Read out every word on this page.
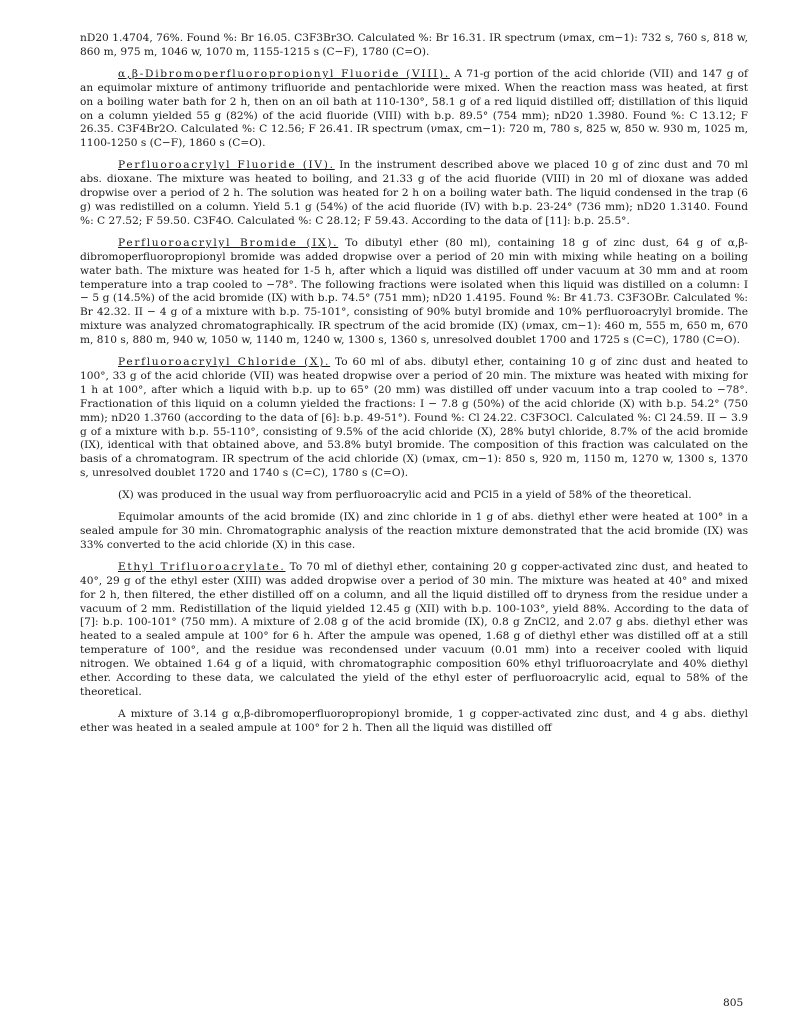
nD20 1.4704, 76%. Found %: Br 16.05. C3F3Br3O. Calculated %: Br 16.31. IR spectrum (νmax, cm−1): 732 s, 760 s, 818 w, 860 m, 975 m, 1046 w, 1070 m, 1155-1215 s (C−F), 1780 (C=O).

α,β-Dibromoperfluoropropionyl Fluoride (VIII). A 71-g portion of the acid chloride (VII) and 147 g of an equimolar mixture of antimony trifluoride and pentachloride were mixed. When the reaction mass was heated, at first on a boiling water bath for 2 h, then on an oil bath at 110-130°, 58.1 g of a red liquid distilled off; distillation of this liquid on a column yielded 55 g (82%) of the acid fluoride (VIII) with b.p. 89.5° (754 mm); nD20 1.3980. Found %: C 13.12; F 26.35. C3F4Br2O. Calculated %: C 12.56; F 26.41. IR spectrum (νmax, cm−1): 720 m, 780 s, 825 w, 850 w. 930 m, 1025 m, 1100-1250 s (C−F), 1860 s (C=O).

Perfluoroacrylyl Fluoride (IV). In the instrument described above we placed 10 g of zinc dust and 70 ml abs. dioxane. The mixture was heated to boiling, and 21.33 g of the acid fluoride (VIII) in 20 ml of dioxane was added dropwise over a period of 2 h. The solution was heated for 2 h on a boiling water bath. The liquid condensed in the trap (6 g) was redistilled on a column. Yield 5.1 g (54%) of the acid fluoride (IV) with b.p. 23-24° (736 mm); nD20 1.3140. Found %: C 27.52; F 59.50. C3F4O. Calculated %: C 28.12; F 59.43. According to the data of [11]: b.p. 25.5°.

Perfluoroacrylyl Bromide (IX). To dibutyl ether (80 ml), containing 18 g of zinc dust, 64 g of α,β-dibromoperfluoropropionyl bromide was added dropwise over a period of 20 min with mixing while heating on a boiling water bath. The mixture was heated for 1-5 h, after which a liquid was distilled off under vacuum at 30 mm and at room temperature into a trap cooled to −78°. The following fractions were isolated when this liquid was distilled on a column: I − 5 g (14.5%) of the acid bromide (IX) with b.p. 74.5° (751 mm); nD20 1.4195. Found %: Br 41.73. C3F3OBr. Calculated %: Br 42.32. II − 4 g of a mixture with b.p. 75-101°, consisting of 90% butyl bromide and 10% perfluoroacrylyl bromide. The mixture was analyzed chromatographically. IR spectrum of the acid bromide (IX) (νmax, cm−1): 460 m, 555 m, 650 m, 670 m, 810 s, 880 m, 940 w, 1050 w, 1140 m, 1240 w, 1300 s, 1360 s, unresolved doublet 1700 and 1725 s (C=C), 1780 (C=O).

Perfluoroacrylyl Chloride (X). To 60 ml of abs. dibutyl ether, containing 10 g of zinc dust and heated to 100°, 33 g of the acid chloride (VII) was heated dropwise over a period of 20 min. The mixture was heated with mixing for 1 h at 100°, after which a liquid with b.p. up to 65° (20 mm) was distilled off under vacuum into a trap cooled to −78°. Fractionation of this liquid on a column yielded the fractions: I − 7.8 g (50%) of the acid chloride (X) with b.p. 54.2° (750 mm); nD20 1.3760 (according to the data of [6]: b.p. 49-51°). Found %: Cl 24.22. C3F3OCl. Calculated %: Cl 24.59. II − 3.9 g of a mixture with b.p. 55-110°, consisting of 9.5% of the acid chloride (X), 28% butyl chloride, 8.7% of the acid bromide (IX), identical with that obtained above, and 53.8% butyl bromide. The composition of this fraction was calculated on the basis of a chromatogram. IR spectrum of the acid chloride (X) (νmax, cm−1): 850 s, 920 m, 1150 m, 1270 w, 1300 s, 1370 s, unresolved doublet 1720 and 1740 s (C=C), 1780 s (C=O).

(X) was produced in the usual way from perfluoroacrylic acid and PCl5 in a yield of 58% of the theoretical.

Equimolar amounts of the acid bromide (IX) and zinc chloride in 1 g of abs. diethyl ether were heated at 100° in a sealed ampule for 30 min. Chromatographic analysis of the reaction mixture demonstrated that the acid bromide (IX) was 33% converted to the acid chloride (X) in this case.

Ethyl Trifluoroacrylate. To 70 ml of diethyl ether, containing 20 g copper-activated zinc dust, and heated to 40°, 29 g of the ethyl ester (XIII) was added dropwise over a period of 30 min. The mixture was heated at 40° and mixed for 2 h, then filtered, the ether distilled off on a column, and all the liquid distilled off to dryness from the residue under a vacuum of 2 mm. Redistillation of the liquid yielded 12.45 g (XII) with b.p. 100-103°, yield 88%. According to the data of [7]: b.p. 100-101° (750 mm). A mixture of 2.08 g of the acid bromide (IX), 0.8 g ZnCl2, and 2.07 g abs. diethyl ether was heated to a sealed ampule at 100° for 6 h. After the ampule was opened, 1.68 g of diethyl ether was distilled off at a still temperature of 100°, and the residue was recondensed under vacuum (0.01 mm) into a receiver cooled with liquid nitrogen. We obtained 1.64 g of a liquid, with chromatographic composition 60% ethyl trifluoroacrylate and 40% diethyl ether. According to these data, we calculated the yield of the ethyl ester of perfluoroacrylic acid, equal to 58% of the theoretical.

A mixture of 3.14 g α,β-dibromoperfluoropropionyl bromide, 1 g copper-activated zinc dust, and 4 g abs. diethyl ether was heated in a sealed ampule at 100° for 2 h. Then all the liquid was distilled off

805
